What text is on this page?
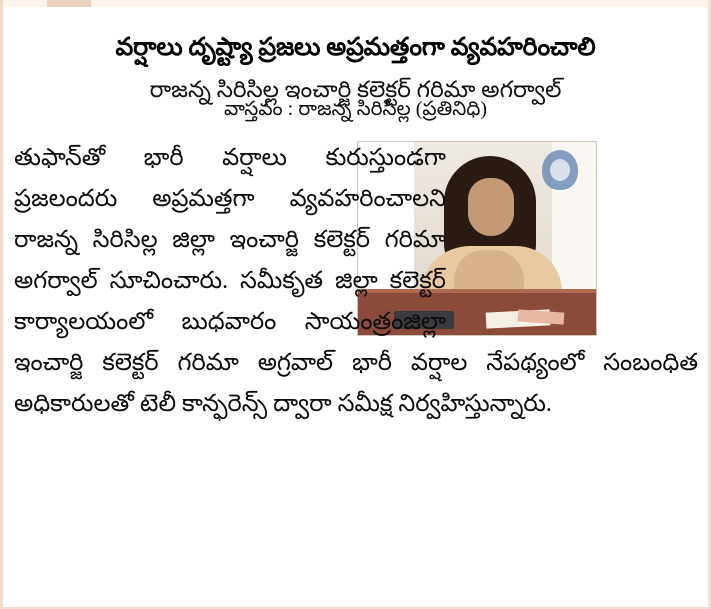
వర్షాలు దృష్ట్యా ప్రజలు అప్రమత్తంగా వ్యవహరించాలి
రాజన్న సిరిసిల్ల ఇంచార్జి కలెక్టర్ గరిమా అగర్వాల్
వాస్తవం : రాజన్న సిరిసిల్ల (ప్రతినిధి)

తుఫాన్‌తో భారీ వర్షాలు కురుస్తుండగా ప్రజలందరు అప్రమత్తగా వ్యవహరించాలని రాజన్న సిరిసిల్ల జిల్లా ఇంచార్జి కలెక్టర్ గరిమా అగర్వాల్ సూచించారు. సమీకృత జిల్లా కలెక్టర్ కార్యాలయంలో బుధవారం సాయంత్రంజిల్లా ఇంచార్జి కలెక్టర్ గరిమా అగ్రవాల్ భారీ వర్షాల నేపథ్యంలో సంబంధిత అధికారులతో టెలీ కాన్ఫరెన్స్ ద్వారా సమీక్ష నిర్వహిస్తున్నారు.
